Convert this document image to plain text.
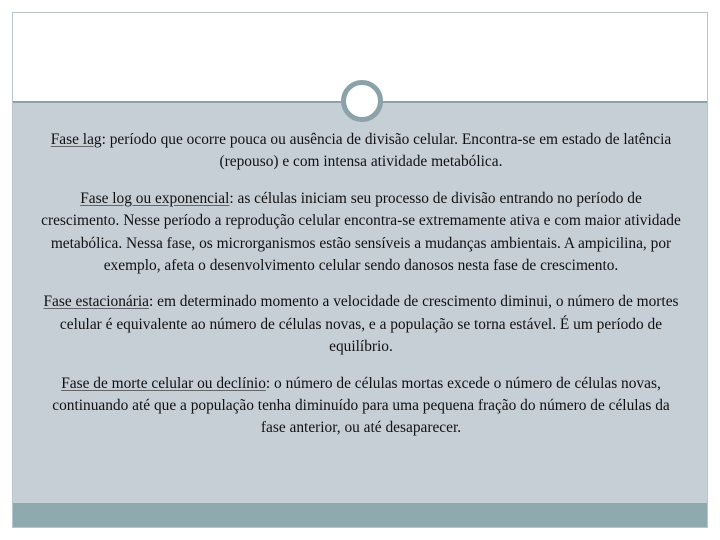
Fase lag: período que ocorre pouca ou ausência de divisão celular. Encontra-se em estado de latência (repouso) e com intensa atividade metabólica.

Fase log ou exponencial: as células iniciam seu processo de divisão entrando no período de crescimento. Nesse período a reprodução celular encontra-se extremamente ativa e com maior atividade metabólica. Nessa fase, os microrganismos estão sensíveis a mudanças ambientais. A ampicilina, por exemplo, afeta o desenvolvimento celular sendo danosos nesta fase de crescimento.

Fase estacionária: em determinado momento a velocidade de crescimento diminui, o número de mortes celular é equivalente ao número de células novas, e a população se torna estável. É um período de equilíbrio.

Fase de morte celular ou declínio: o número de células mortas excede o número de células novas, continuando até que a população tenha diminuído para uma pequena fração do número de células da fase anterior, ou até desaparecer.
